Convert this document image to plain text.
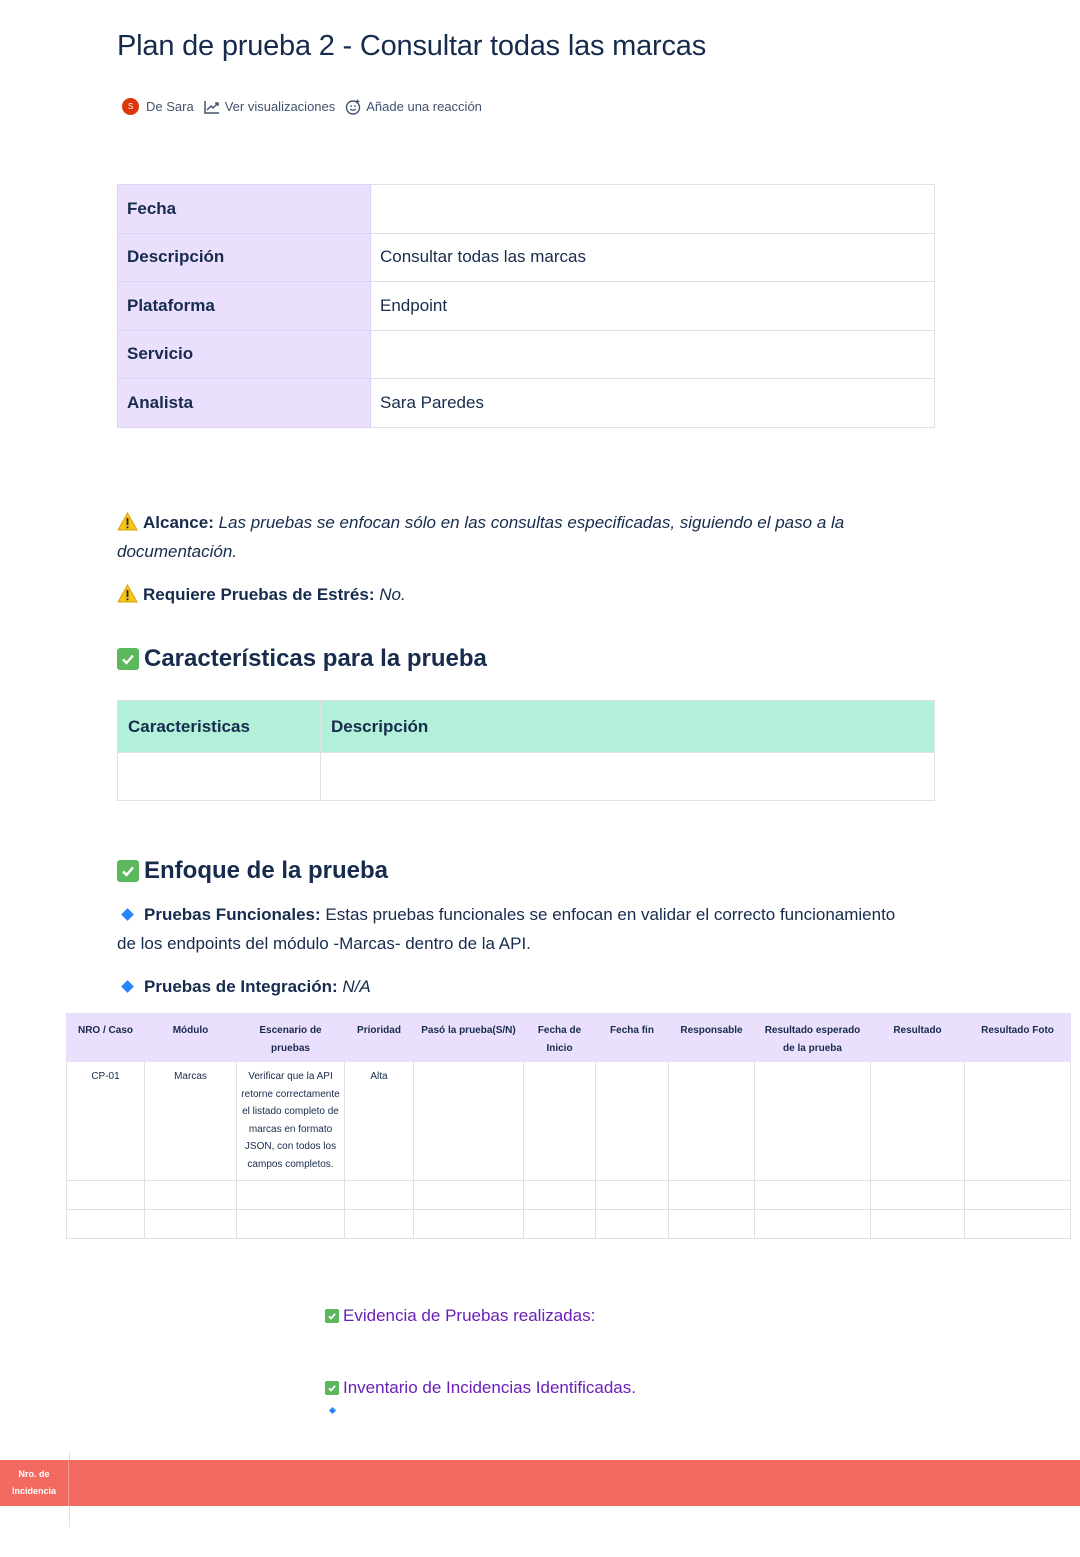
Plan de prueba 2 - Consultar todas las marcas
S De Sara Ver visualizaciones Añade una reacción
Fecha	
Descripción	Consultar todas las marcas
Plataforma	Endpoint
Servicio	
Analista	Sara Paredes
Alcance: Las pruebas se enfocan sólo en las consultas especificadas, siguiendo el paso a la documentación.
Requiere Pruebas de Estrés: No.
Características para la prueba
Caracteristicas	Descripción

Enfoque de la prueba
Pruebas Funcionales: Estas pruebas funcionales se enfocan en validar el correcto funcionamiento de los endpoints del módulo -Marcas- dentro de la API.
Pruebas de Integración: N/A
NRO / Caso	Módulo	Escenario de pruebas	Prioridad	Pasó la prueba(S/N)	Fecha de Inicio	Fecha fin	Responsable	Resultado esperado de la prueba	Resultado	Resultado Foto
CP-01	Marcas	Verificar que la API retorne correctamente el listado completo de marcas en formato JSON, con todos los campos completos.	Alta							

Evidencia de Pruebas realizadas:
Inventario de Incidencias Identificadas.
Nro. de
Incidencia
